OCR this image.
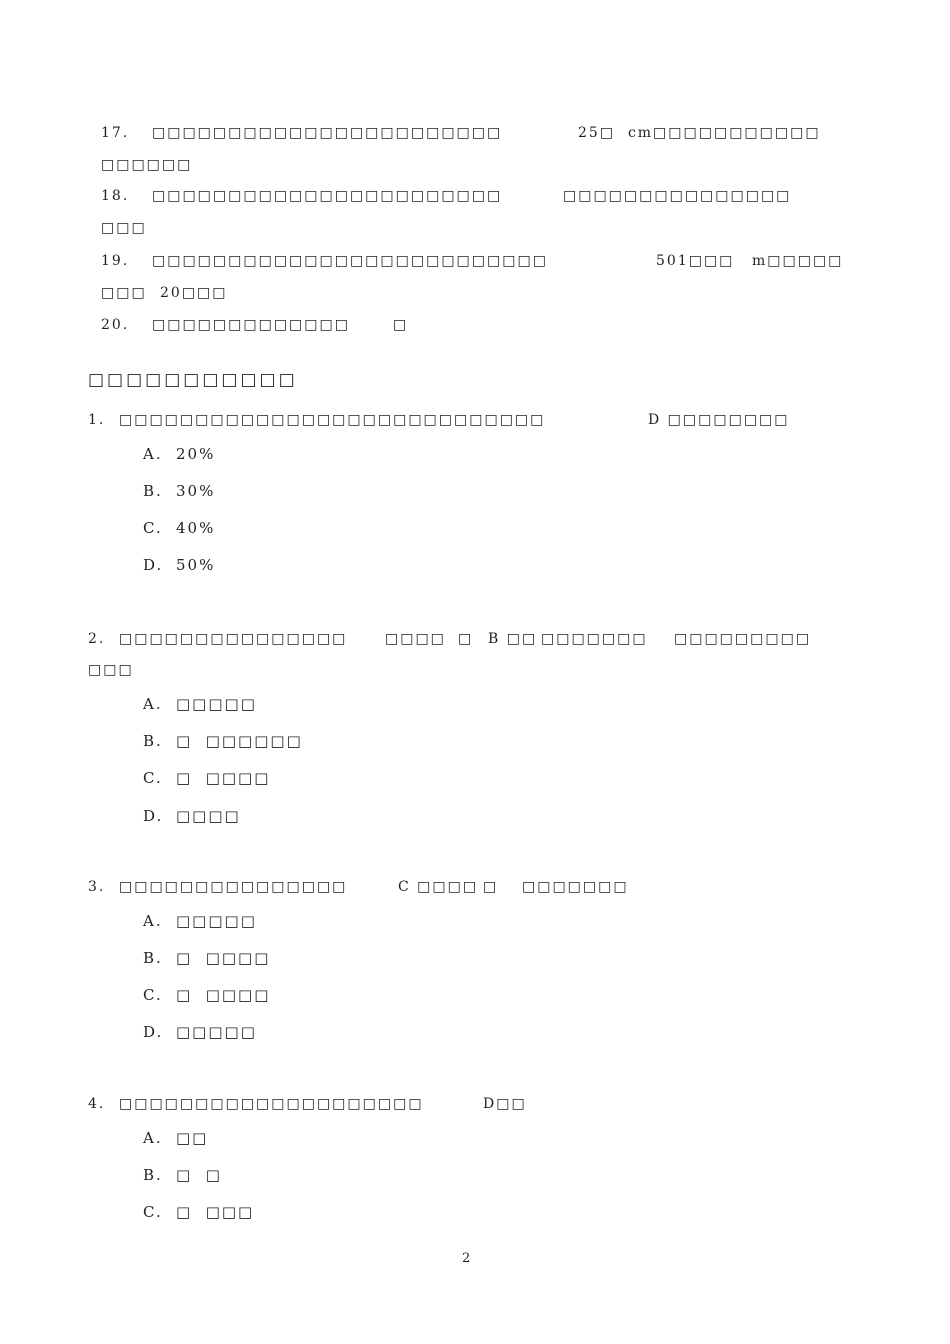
17. □□□□□□□□□□□□□□□□□□□□□□□	25□  cm□□□□□□□□□□□
□□□□□□
18. □□□□□□□□□□□□□□□□□□□□□□□	□□□□□□□□□□□□□□□
□□□
19. □□□□□□□□□□□□□□□□□□□□□□□□□□	501□□□ m□□□□□
□□□ 20□□□
20. □□□□□□□□□□□□□	□
□□□□□□□□□□□
1. □□□□□□□□□□□□□□□□□□□□□□□□□□□□	D □□□□□□□□
A. 20%
B. 30%
C. 40%
D. 50%
2. □□□□□□□□□□□□□□□	□□□□ □ B □□ □□□□□□□ □□□□□□□□□
□□□
A. □□□□□
B. □  □□□□□□
C. □  □□□□
D. □□□□
3. □□□□□□□□□□□□□□□	C □□□□ □ □□□□□□□
A. □□□□□
B. □  □□□□
C. □  □□□□
D. □□□□□
4. □□□□□□□□□□□□□□□□□□□□	D□□
A. □□
B. □  □
C. □  □□□
2
